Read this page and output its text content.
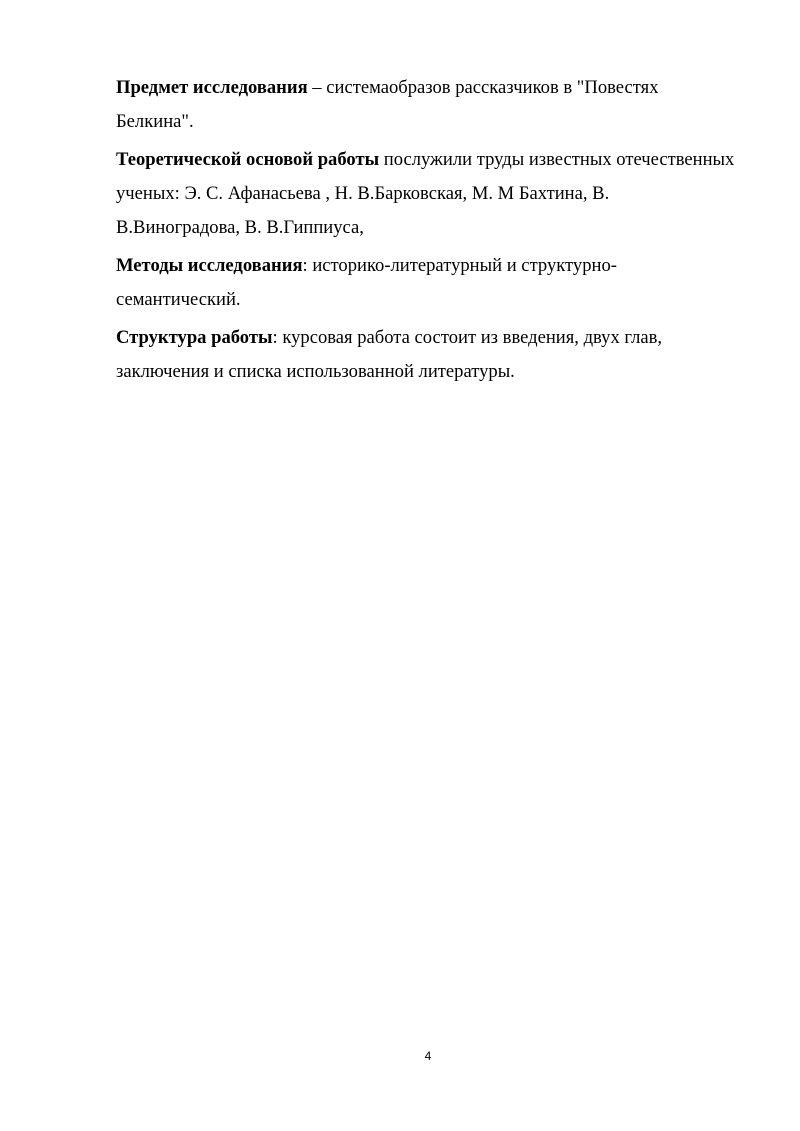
Предмет исследования – системаобразов рассказчиков в "Повестях
Белкина".

Теоретической основой работы послужили труды известных отечественных
ученых: Э. С. Афанасьева , Н. В.Барковская, М. М Бахтина, В.
В.Виноградова, В. В.Гиппиуса,

Методы исследования: историко-литературный и структурно-
семантический.

Структура работы: курсовая работа состоит из введения, двух глав,
заключения и списка использованной литературы.

4
